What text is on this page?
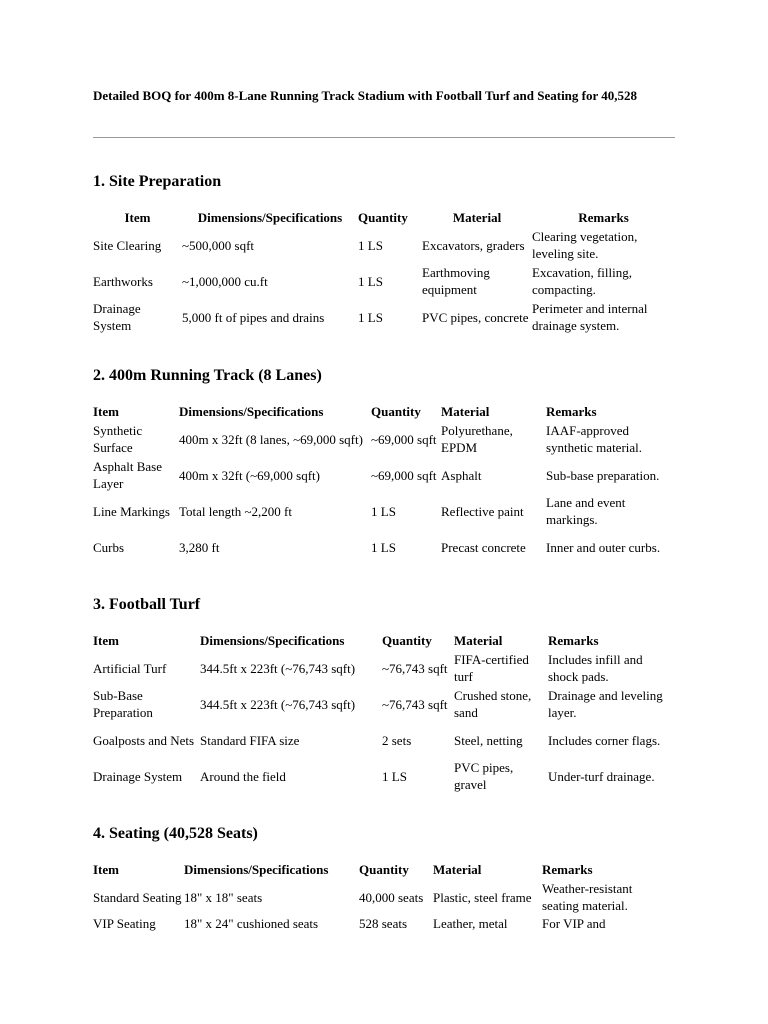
Detailed BOQ for 400m 8-Lane Running Track Stadium with Football Turf and Seating for 40,528
1. Site Preparation
Item	Dimensions/Specifications	Quantity	Material	Remarks
Site Clearing	~500,000 sqft	1 LS	Excavators, graders	Clearing vegetation, leveling site.
Earthworks	~1,000,000 cu.ft	1 LS	Earthmoving equipment	Excavation, filling, compacting.
Drainage System	5,000 ft of pipes and drains	1 LS	PVC pipes, concrete	Perimeter and internal drainage system.
2. 400m Running Track (8 Lanes)
Item	Dimensions/Specifications	Quantity	Material	Remarks
Synthetic Surface	400m x 32ft (8 lanes, ~69,000 sqft)	~69,000 sqft	Polyurethane, EPDM	IAAF-approved synthetic material.
Asphalt Base Layer	400m x 32ft (~69,000 sqft)	~69,000 sqft	Asphalt	Sub-base preparation.
Line Markings	Total length ~2,200 ft	1 LS	Reflective paint	Lane and event markings.
Curbs	3,280 ft	1 LS	Precast concrete	Inner and outer curbs.
3. Football Turf
Item	Dimensions/Specifications	Quantity	Material	Remarks
Artificial Turf	344.5ft x 223ft (~76,743 sqft)	~76,743 sqft	FIFA-certified turf	Includes infill and shock pads.
Sub-Base Preparation	344.5ft x 223ft (~76,743 sqft)	~76,743 sqft	Crushed stone, sand	Drainage and leveling layer.
Goalposts and Nets	Standard FIFA size	2 sets	Steel, netting	Includes corner flags.
Drainage System	Around the field	1 LS	PVC pipes, gravel	Under-turf drainage.
4. Seating (40,528 Seats)
Item	Dimensions/Specifications	Quantity	Material	Remarks
Standard Seating	18" x 18" seats	40,000 seats	Plastic, steel frame	Weather-resistant seating material.
VIP Seating	18" x 24" cushioned seats	528 seats	Leather, metal	For VIP and
